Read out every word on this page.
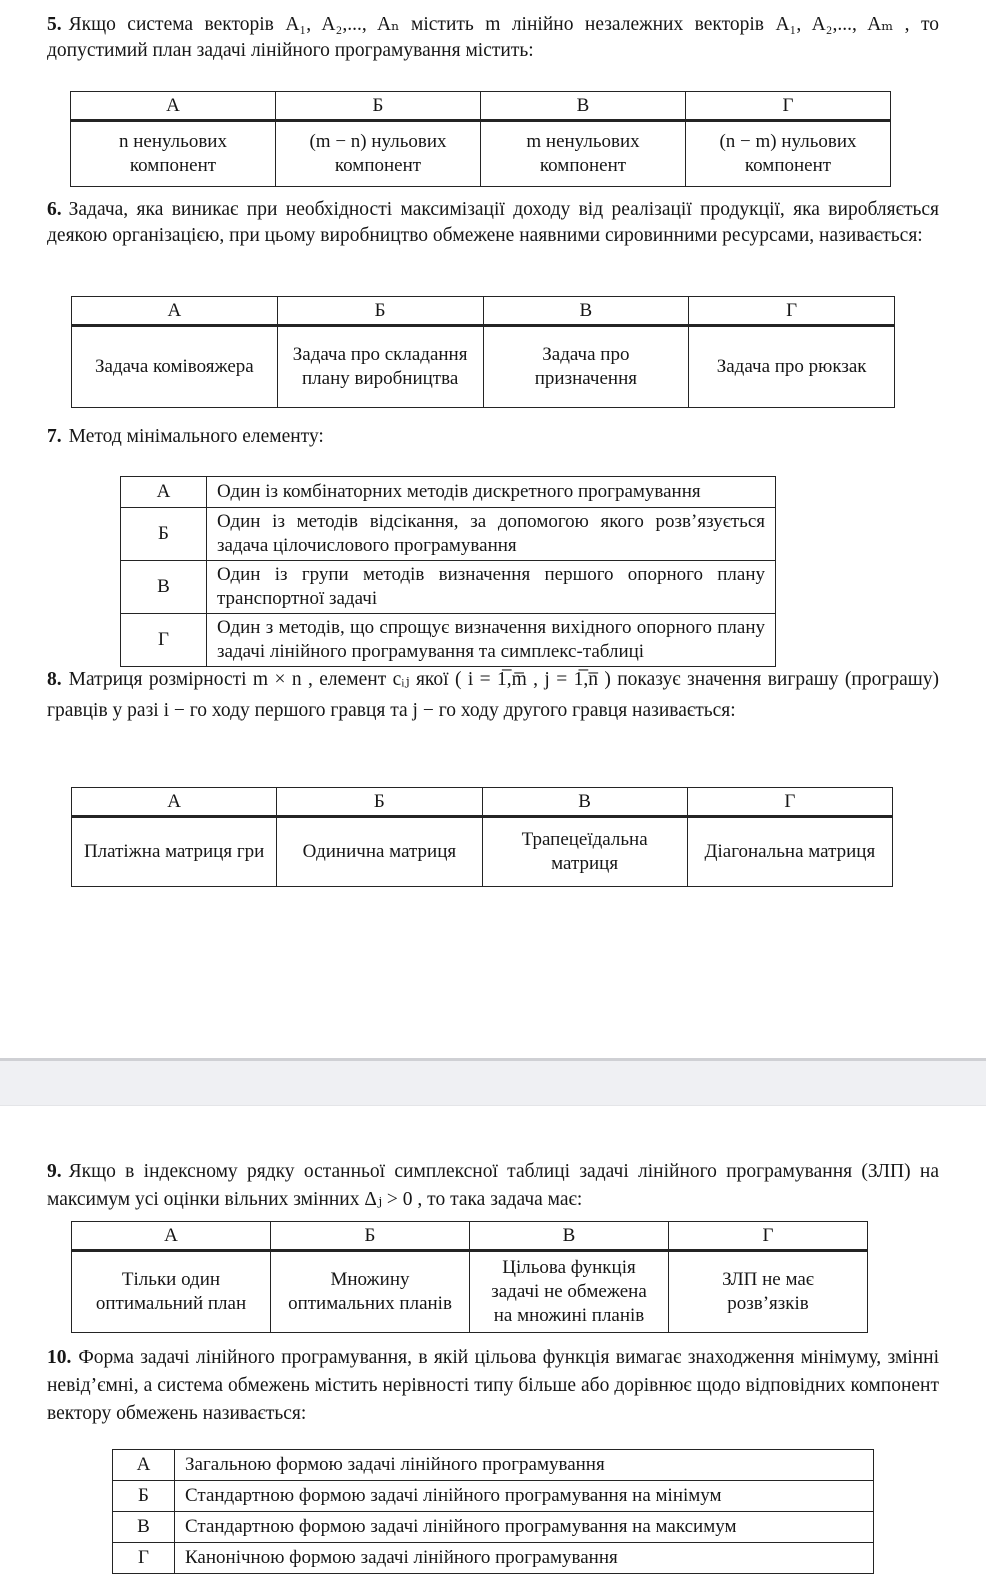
5. Якщо система векторів A₁, A₂,..., Aₙ містить m лінійно незалежних векторів A₁, A₂,..., Aₘ , то допустимий план задачі лінійного програмування містить:

А	Б	В	Г
n ненульових компонент	(m − n) нульових компонент	m ненульових компонент	(n − m) нульових компонент

6. Задача, яка виникає при необхідності максимізації доходу від реалізації продукції, яка виробляється деякою організацією, при цьому виробництво обмежене наявними сировинними ресурсами, називається:

А	Б	В	Г
Задача комівояжера	Задача про складання плану виробництва	Задача про призначення	Задача про рюкзак

7. Метод мінімального елементу:

А	Один із комбінаторних методів дискретного програмування
Б	Один із методів відсікання, за допомогою якого розв’язується задача цілочислового програмування
В	Один із групи методів визначення першого опорного плану транспортної задачі
Г	Один з методів, що спрощує визначення вихідного опорного плану задачі лінійного програмування та симплекс-таблиці

8. Матриця розмірності m × n , елемент cᵢⱼ якої ( i = 1̅,m̅ , j = 1̅,n̅ ) показує значення виграшу (програшу) гравців у разі i − го ходу першого гравця та j − го ходу другого гравця називається:

А	Б	В	Г
Платіжна матриця гри	Одинична матриця	Трапецеїдальна матриця	Діагональна матриця

9. Якщо в індексному рядку останньої симплексної таблиці задачі лінійного програмування (ЗЛП) на максимум усі оцінки вільних змінних Δⱼ > 0 , то така задача має:

А	Б	В	Г
Тільки один оптимальний план	Множину оптимальних планів	Цільова функція задачі не обмежена на множині планів	ЗЛП не має розв’язків

10. Форма задачі лінійного програмування, в якій цільова функція вимагає знаходження мінімуму, змінні невід’ємні, а система обмежень містить нерівності типу більше або дорівнює щодо відповідних компонент вектору обмежень називається:

А	Загальною формою задачі лінійного програмування
Б	Стандартною формою задачі лінійного програмування на мінімум
В	Стандартною формою задачі лінійного програмування на максимум
Г	Канонічною формою задачі лінійного програмування
